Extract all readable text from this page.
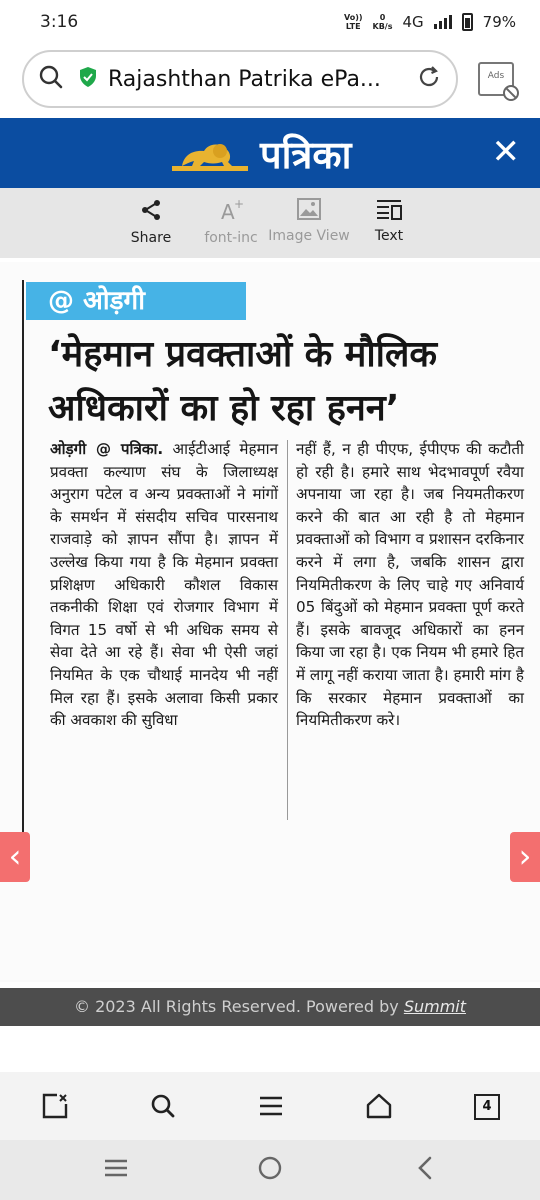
3:16	Vo))
LTE
0
KB/s 4G	79%
Rajashthan Patrika ePa...	Ads
पत्रिका	✕
Share
A +
font-inc Image View	Text
@ ओड़गी
‘मेहमान प्रवक्ताओं के मौलिक
अधिकारों का हो रहा हनन’
ओड़गी @ पत्रिका. आईटीआई मेहमान प्रवक्ता कल्याण संघ के जिलाध्यक्ष अनुराग पटेल व अन्य प्रवक्ताओं ने मांगों के समर्थन में संसदीय सचिव पारसनाथ राजवाड़े को ज्ञापन सौंपा है। ज्ञापन में उल्लेख किया गया है कि मेहमान प्रवक्ता प्रशिक्षण अधिकारी कौशल विकास तकनीकी शिक्षा एवं रोजगार विभाग में विगत 15 वर्षो से भी अधिक समय से सेवा देते आ रहे हैं। सेवा भी ऐसी जहां नियमित के एक चौथाई मानदेय भी नहीं मिल रहा हैं। इसके अलावा किसी प्रकार की अवकाश की सुविधा
नहीं हैं, न ही पीएफ, ईपीएफ की कटौती हो रही है। हमारे साथ भेदभावपूर्ण रवैया अपनाया जा रहा है। जब नियमतीकरण करने की बात आ रही है तो मेहमान प्रवक्ताओं को विभाग व प्रशासन दरकिनार करने में लगा है, जबकि शासन द्वारा नियमितीकरण के लिए चाहे गए अनिवार्य 05 बिंदुओं को मेहमान प्रवक्ता पूर्ण करते हैं। इसके बावजूद अधिकारों का हनन किया जा रहा है। एक नियम भी हमारे हित में लागू नहीं कराया जाता है। हमारी मांग है कि सरकार मेहमान प्रवक्ताओं का नियमितीकरण करे।
‹	›
© 2023 All Rights Reserved. Powered by Summit
4
